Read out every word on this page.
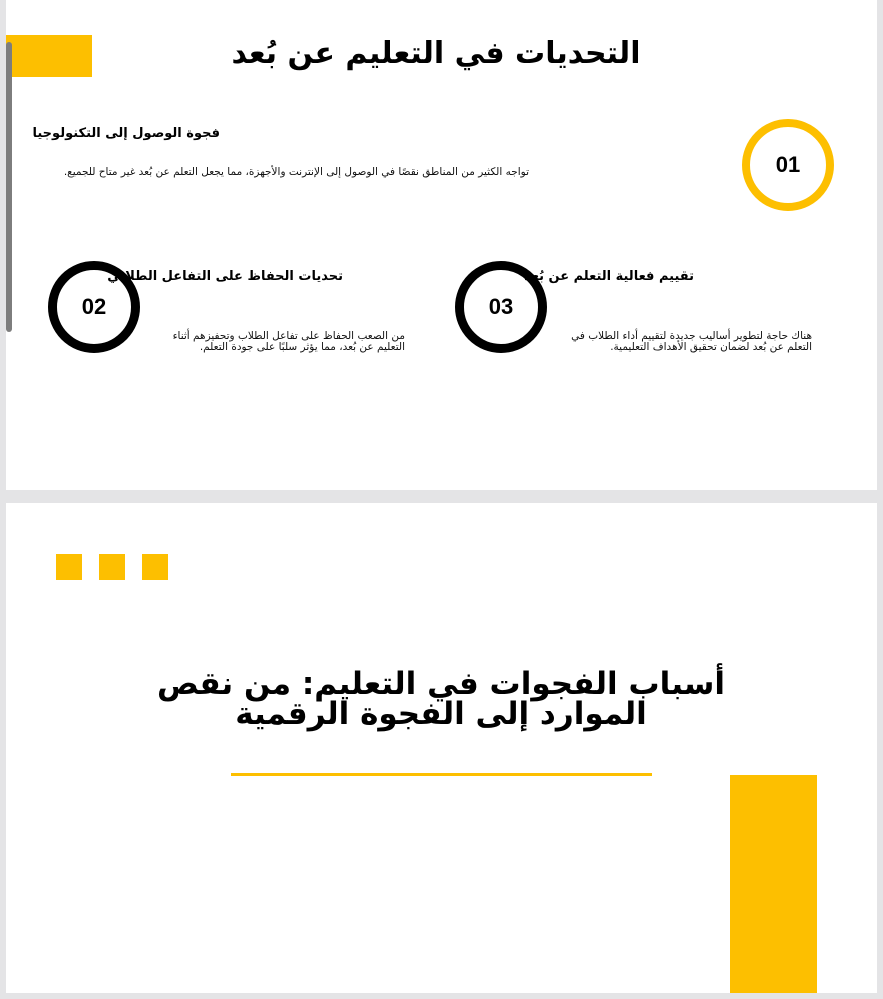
التحديات في التعليم عن بُعد
01
فجوة الوصول إلى التكنولوجيا
تواجه الكثير من المناطق نقصًا في الوصول إلى الإنترنت والأجهزة، مما يجعل التعلم عن بُعد غير متاح للجميع.
02
تحديات الحفاظ على التفاعل الطلابي
من الصعب الحفاظ على تفاعل الطلاب وتحفيزهم أثناء التعليم عن بُعد، مما يؤثر سلبًا على جودة التعلم.
03
تقييم فعالية التعلم عن بُعد
هناك حاجة لتطوير أساليب جديدة لتقييم أداء الطلاب في التعلم عن بُعد لضمان تحقيق الأهداف التعليمية.
أسباب الفجوات في التعليم: من نقص الموارد إلى الفجوة الرقمية
